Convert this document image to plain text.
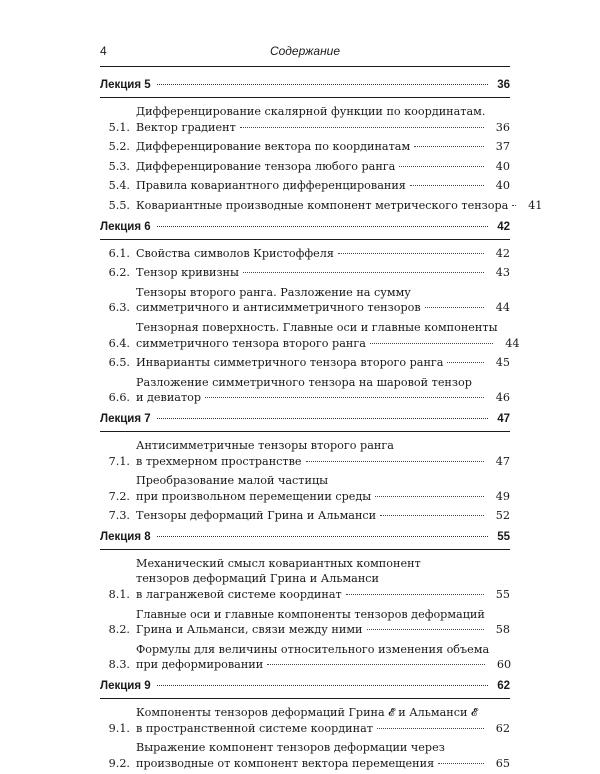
4	Содержание
Лекция 5	36
5.1.
Дифференцирование скалярной функции по координатам.
Вектор градиент	36
5.2. Дифференцирование вектора по координатам	37
5.3. Дифференцирование тензора любого ранга	40
5.4. Правила ковариантного дифференцирования	40
5.5. Ковариантные производные компонент метрического тензора	41
Лекция 6	42
6.1. Свойства символов Кристоффеля	42
6.2. Тензор кривизны	43
6.3.
Тензоры второго ранга. Разложение на сумму
симметричного и антисимметричного тензоров	44
6.4.
Тензорная поверхность. Главные оси и главные компоненты
симметричного тензора второго ранга	44
6.5. Инварианты симметричного тензора второго ранга	45
6.6.
Разложение симметричного тензора на шаровой тензор
и девиатор	46
Лекция 7	47
7.1.
Антисимметричные тензоры второго ранга
в трехмерном пространстве	47
7.2.
Преобразование малой частицы
при произвольном перемещении среды	49
7.3. Тензоры деформаций Грина и Альманси	52
Лекция 8	55
8.1.
Механический смысл ковариантных компонент
тензоров деформаций Грина и Альманси
в лагранжевой системе координат	55
8.2.
Главные оси и главные компоненты тензоров деформаций
Грина и Альманси, связи между ними	58
8.3.
Формулы для величины относительного изменения объема
при деформировании	60
Лекция 9	62
9.1.
Компоненты тензоров деформаций Грина 𝓔̂ и Альманси 𝓔̂
в пространственной системе координат	62
9.2.
Выражение компонент тензоров деформации через
производные от компонент вектора перемещения	65
